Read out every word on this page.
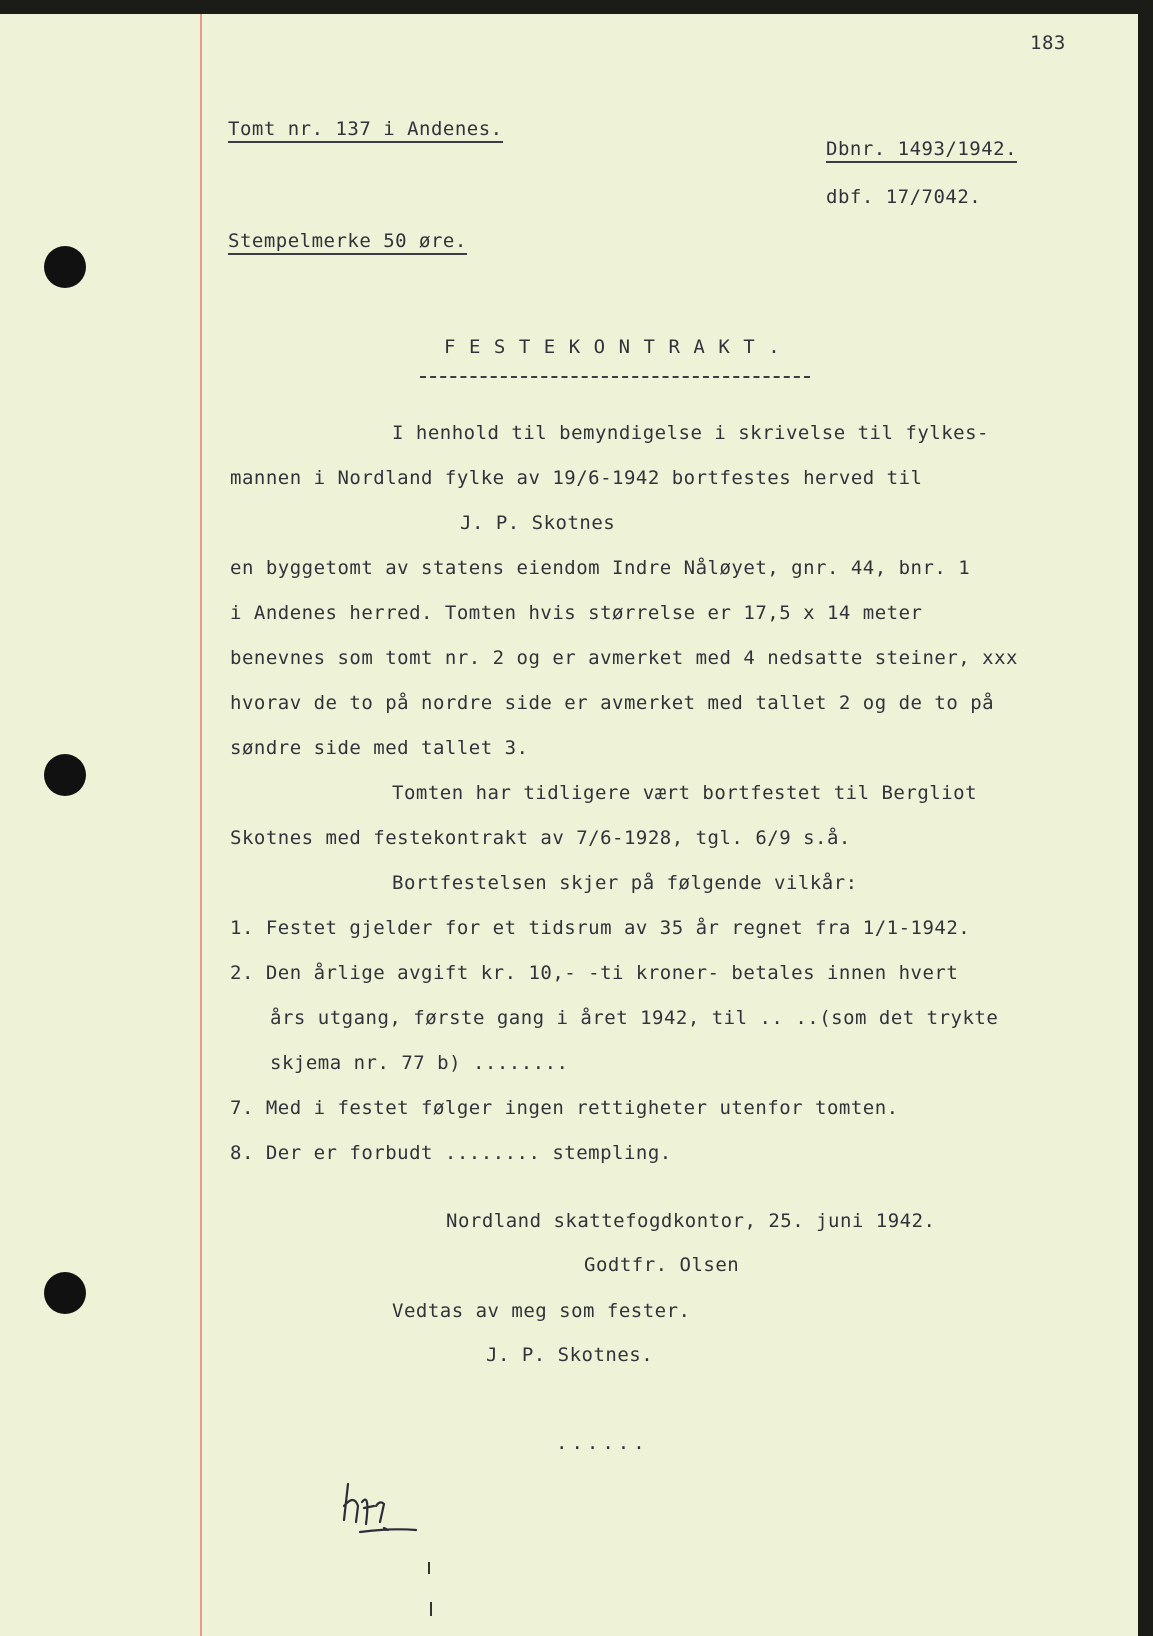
183
Tomt nr. 137 i Andenes.
Dbnr. 1493/1942.
dbf. 17/7042.
Stempelmerke 50 øre.
FESTEKONTRAKT.
I henhold til bemyndigelse i skrivelse til fylkes-
mannen i Nordland fylke av 19/6-1942 bortfestes herved til
J. P. Skotnes
en byggetomt av statens eiendom Indre Nåløyet, gnr. 44, bnr. 1
i Andenes herred. Tomten hvis størrelse er 17,5 x 14 meter
benevnes som tomt nr. 2 og er avmerket med 4 nedsatte steiner, xxx
hvorav de to på nordre side er avmerket med tallet 2 og de to på
søndre side med tallet 3.
Tomten har tidligere vært bortfestet til Bergliot
Skotnes med festekontrakt av 7/6-1928, tgl. 6/9 s.å.
Bortfestelsen skjer på følgende vilkår:
1. Festet gjelder for et tidsrum av 35 år regnet fra 1/1-1942.
2. Den årlige avgift kr. 10,- -ti kroner- betales innen hvert
års utgang, første gang i året 1942, til .. ..(som det trykte
skjema nr. 77 b) ........
7. Med i festet følger ingen rettigheter utenfor tomten.
8. Der er forbudt ........ stempling.
Nordland skattefogdkontor, 25. juni 1942.
Godtfr. Olsen
Vedtas av meg som fester.
J. P. Skotnes.
......
